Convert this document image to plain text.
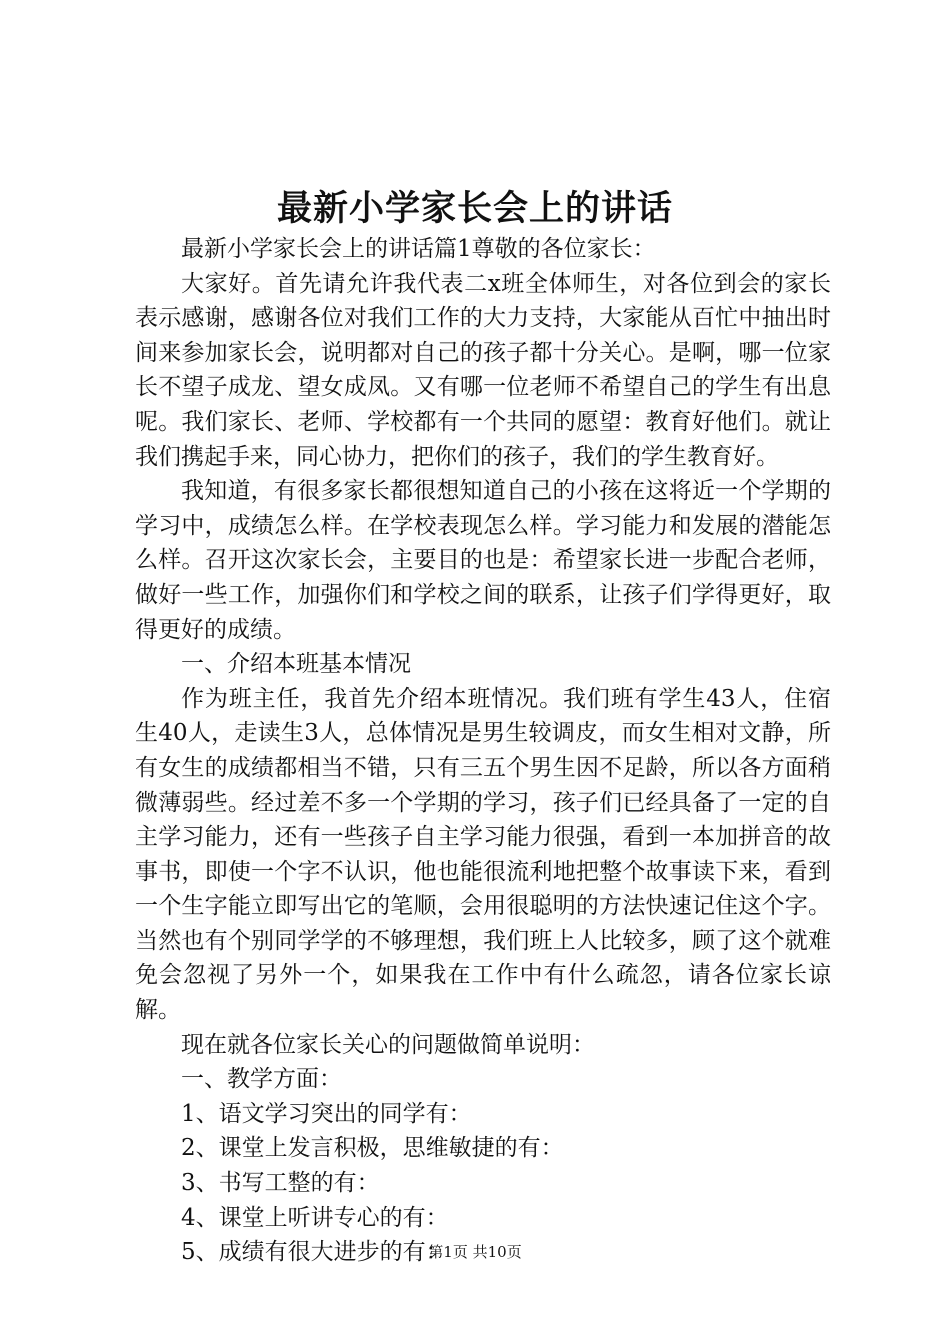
最新小学家长会上的讲话

最新小学家长会上的讲话篇1尊敬的各位家长：

大家好。首先请允许我代表二x班全体师生，对各位到会的家长表示感谢，感谢各位对我们工作的大力支持，大家能从百忙中抽出时间来参加家长会，说明都对自己的孩子都十分关心。是啊，哪一位家长不望子成龙、望女成凤。又有哪一位老师不希望自己的学生有出息呢。我们家长、老师、学校都有一个共同的愿望：教育好他们。就让我们携起手来，同心协力，把你们的孩子，我们的学生教育好。

我知道，有很多家长都很想知道自己的小孩在这将近一个学期的学习中，成绩怎么样。在学校表现怎么样。学习能力和发展的潜能怎么样。召开这次家长会，主要目的也是：希望家长进一步配合老师，做好一些工作，加强你们和学校之间的联系，让孩子们学得更好，取得更好的成绩。

一、介绍本班基本情况

作为班主任，我首先介绍本班情况。我们班有学生43人，住宿生40人，走读生3人，总体情况是男生较调皮，而女生相对文静，所有女生的成绩都相当不错，只有三五个男生因不足龄，所以各方面稍微薄弱些。经过差不多一个学期的学习，孩子们已经具备了一定的自主学习能力，还有一些孩子自主学习能力很强，看到一本加拼音的故事书，即使一个字不认识，他也能很流利地把整个故事读下来，看到一个生字能立即写出它的笔顺，会用很聪明的方法快速记住这个字。当然也有个别同学学的不够理想，我们班上人比较多，顾了这个就难免会忽视了另外一个，如果我在工作中有什么疏忽，请各位家长谅解。

现在就各位家长关心的问题做简单说明：

一、教学方面：

1、语文学习突出的同学有：

2、课堂上发言积极，思维敏捷的有：

3、书写工整的有：

4、课堂上听讲专心的有：

5、成绩有很大进步的有：

第1页 共10页
